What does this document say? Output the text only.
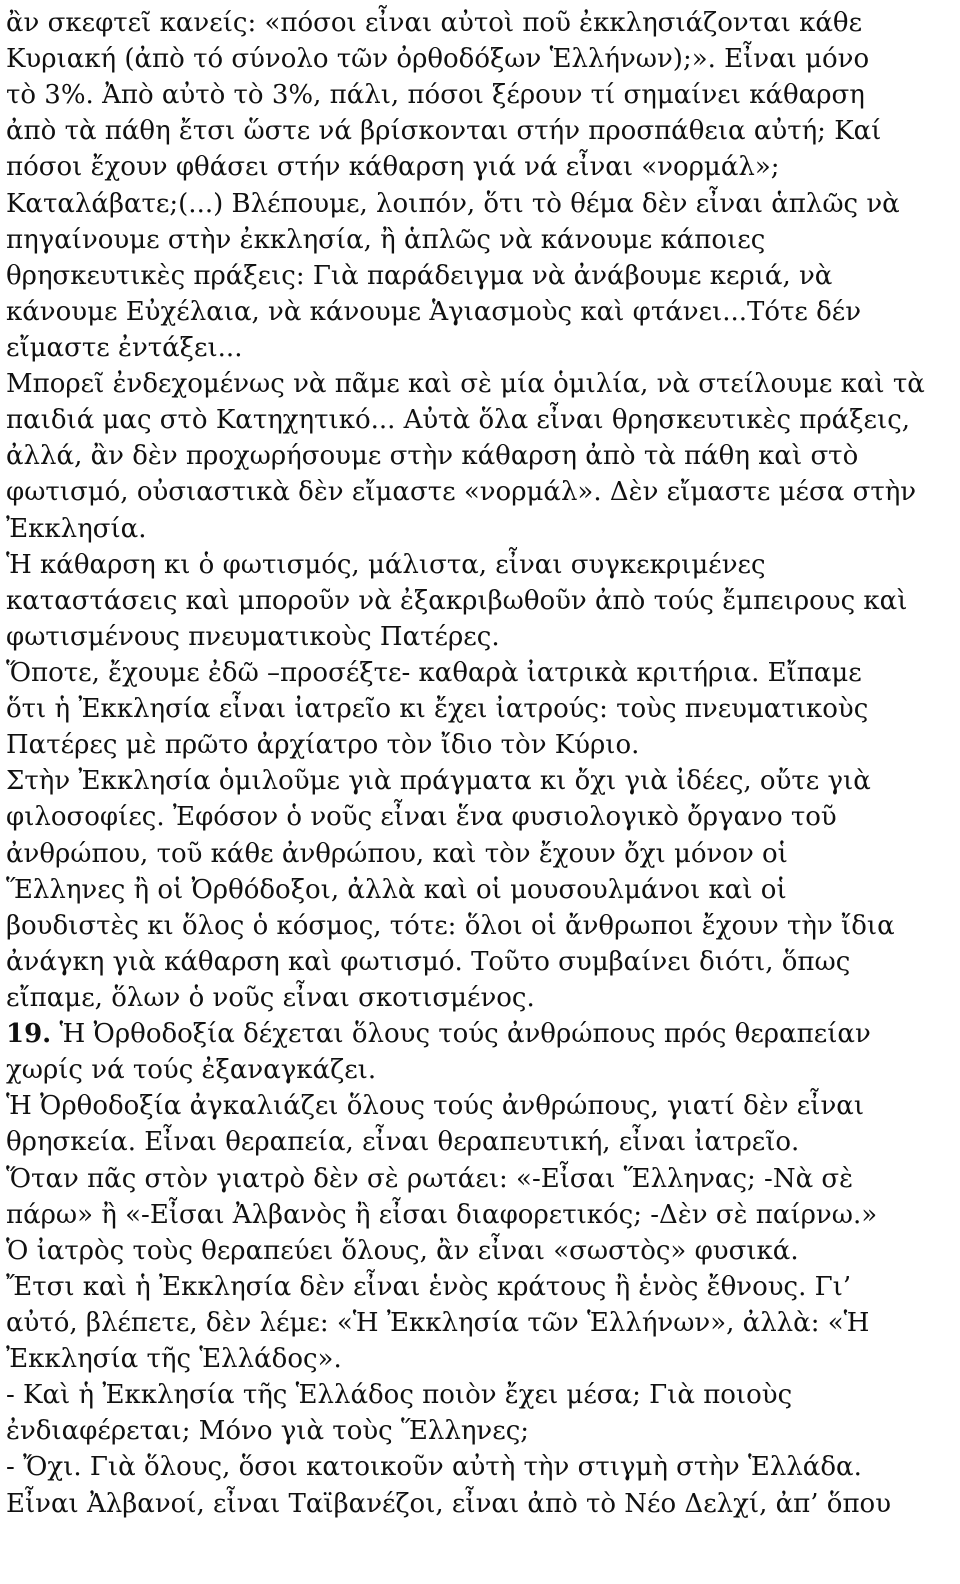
ἂν σκεφτεῖ κανείς: «πόσοι εἶναι αὐτοὶ ποῦ ἐκκλησιάζονται κάθε
Κυριακή (ἀπὸ τό σύνολο τῶν ὀρθοδόξων Ἑλλήνων);». Εἶναι μόνο
τὸ 3%. Ἀπὸ αὐτὸ τὸ 3%, πάλι, πόσοι ξέρουν τί σημαίνει κάθαρση
ἀπὸ τὰ πάθη ἔτσι ὥστε νά βρίσκονται στήν προσπάθεια αὐτή; Καί
πόσοι ἔχουν φθάσει στήν κάθαρση γιά νά εἶναι «νορμάλ»;
Καταλάβατε;(...) Βλέπουμε, λοιπόν, ὅτι τὸ θέμα δὲν εἶναι ἁπλῶς νὰ
πηγαίνουμε στὴν ἐκκλησία, ἢ ἁπλῶς νὰ κάνουμε κάποιες
θρησκευτικὲς πράξεις: Γιὰ παράδειγμα νὰ ἀνάβουμε κεριά, νὰ
κάνουμε Εὐχέλαια, νὰ κάνουμε Ἁγιασμοὺς καὶ φτάνει...Τότε δέν
εἴμαστε ἐντάξει...
Μπορεῖ ἐνδεχομένως νὰ πᾶμε καὶ σὲ μία ὁμιλία, νὰ στείλουμε καὶ τὰ
παιδιά μας στὸ Κατηχητικό... Αὐτὰ ὅλα εἶναι θρησκευτικὲς πράξεις,
ἀλλά, ἂν δὲν προχωρήσουμε στὴν κάθαρση ἀπὸ τὰ πάθη καὶ στὸ
φωτισμό, οὐσιαστικὰ δὲν εἴμαστε «νορμάλ». Δὲν εἴμαστε μέσα στὴν
Ἐκκλησία.
Ἡ κάθαρση κι ὁ φωτισμός, μάλιστα, εἶναι συγκεκριμένες
καταστάσεις καὶ μποροῦν νὰ ἐξακριβωθοῦν ἀπὸ τούς ἔμπειρους καὶ
φωτισμένους πνευματικοὺς Πατέρες.
Ὅποτε, ἔχουμε ἐδῶ –προσέξτε- καθαρὰ ἰατρικὰ κριτήρια. Εἴπαμε
ὅτι ἡ Ἐκκλησία εἶναι ἰατρεῖο κι ἔχει ἰατρούς: τοὺς πνευματικοὺς
Πατέρες μὲ πρῶτο ἀρχίατρο τὸν ἴδιο τὸν Κύριο.
Στὴν Ἐκκλησία ὁμιλοῦμε γιὰ πράγματα κι ὄχι γιὰ ἰδέες, οὔτε γιὰ
φιλοσοφίες. Ἐφόσον ὁ νοῦς εἶναι ἕνα φυσιολογικὸ ὄργανο τοῦ
ἀνθρώπου, τοῦ κάθε ἀνθρώπου, καὶ τὸν ἔχουν ὄχι μόνον οἱ
Ἕλληνες ἢ οἱ Ὀρθόδοξοι, ἀλλὰ καὶ οἱ μουσουλμάνοι καὶ οἱ
βουδιστὲς κι ὅλος ὁ κόσμος, τότε: ὅλοι οἱ ἄνθρωποι ἔχουν τὴν ἴδια
ἀνάγκη γιὰ κάθαρση καὶ φωτισμό. Τοῦτο συμβαίνει διότι, ὅπως
εἴπαμε, ὅλων ὁ νοῦς εἶναι σκοτισμένος.
19. Ἡ Ὀρθοδοξία δέχεται ὅλους τούς ἀνθρώπους πρός θεραπείαν
χωρίς νά τούς ἐξαναγκάζει.
Ἡ Ὀρθοδοξία ἀγκαλιάζει ὅλους τούς ἀνθρώπους, γιατί δὲν εἶναι
θρησκεία. Εἶναι θεραπεία, εἶναι θεραπευτική, εἶναι ἰατρεῖο.
Ὅταν πᾶς στὸν γιατρὸ δὲν σὲ ρωτάει: «-Εἶσαι Ἕλληνας; -Νὰ σὲ
πάρω» ἢ «-Εἶσαι Ἀλβανὸς ἢ εἶσαι διαφορετικός; -Δὲν σὲ παίρνω.»
Ὁ ἰατρὸς τοὺς θεραπεύει ὅλους, ἂν εἶναι «σωστὸς» φυσικά.
Ἔτσι καὶ ἡ Ἐκκλησία δὲν εἶναι ἑνὸς κράτους ἢ ἑνὸς ἔθνους. Γι’
αὐτό, βλέπετε, δὲν λέμε: «Ἡ Ἐκκλησία τῶν Ἑλλήνων», ἀλλὰ: «Ἡ
Ἐκκλησία τῆς Ἑλλάδος».
- Καὶ ἡ Ἐκκλησία τῆς Ἑλλάδος ποιὸν ἔχει μέσα; Γιὰ ποιοὺς
ἐνδιαφέρεται; Μόνο γιὰ τοὺς Ἕλληνες;
- Ὄχι. Γιὰ ὅλους, ὅσοι κατοικοῦν αὐτὴ τὴν στιγμὴ στὴν Ἑλλάδα.
Εἶναι Ἀλβανοί, εἶναι Ταϊβανέζοι, εἶναι ἀπὸ τὸ Νέο Δελχί, ἀπ’ ὅπου
